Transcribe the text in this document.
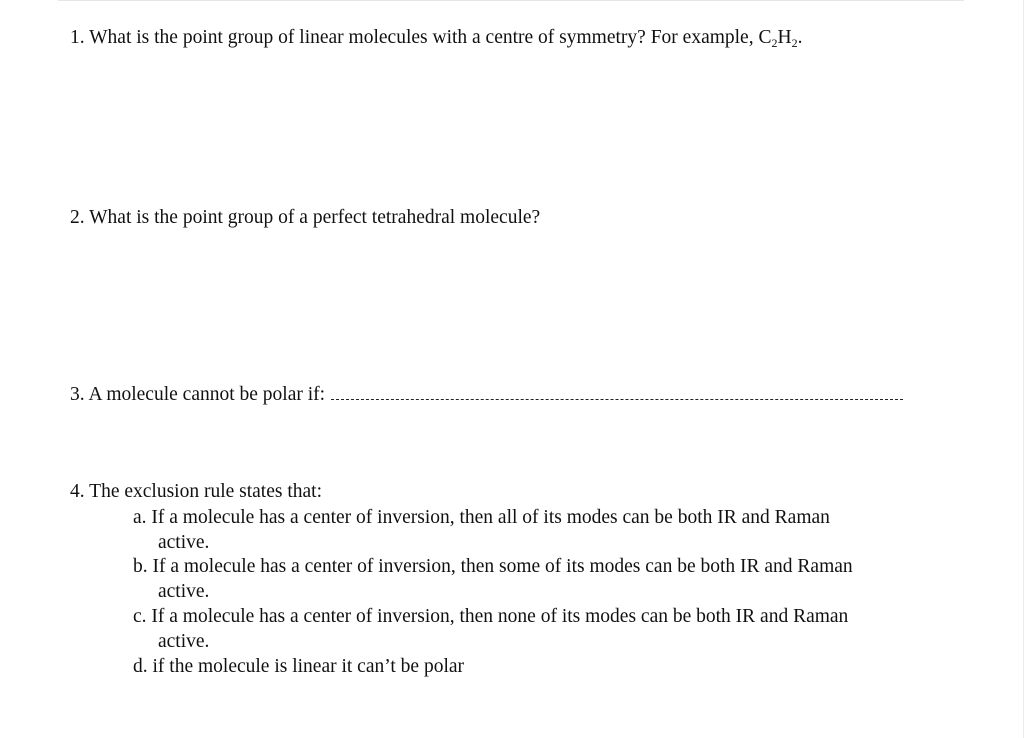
1. What is the point group of linear molecules with a centre of symmetry? For example, $C_2H_2$.
2. What is the point group of a perfect tetrahedral molecule?
3. A molecule cannot be polar if:
4. The exclusion rule states that:
a. If a molecule has a center of inversion, then all of its modes can be both IR and Raman
active.
b. If a molecule has a center of inversion, then some of its modes can be both IR and Raman
active.
c. If a molecule has a center of inversion, then none of its modes can be both IR and Raman
active.
d. if the molecule is linear it can’t be polar
